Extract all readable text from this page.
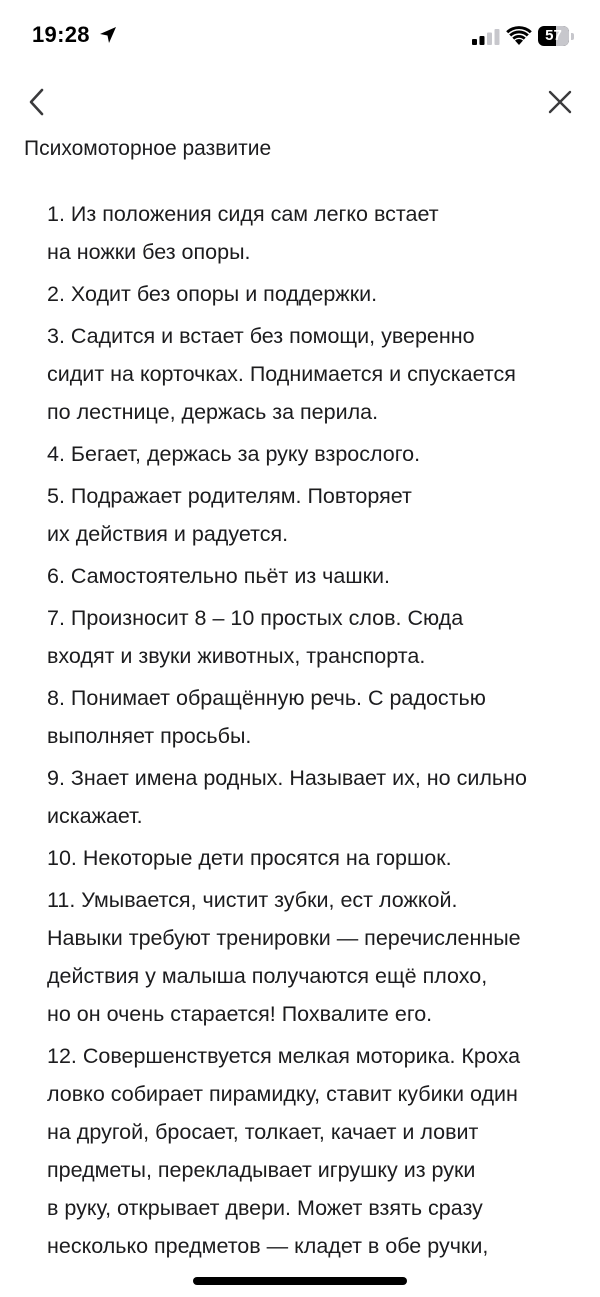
19:28	57
Психомоторное развитие
1. Из положения сидя сам легко встает
на ножки без опоры.
2. Ходит без опоры и поддержки.
3. Садится и встает без помощи, уверенно
сидит на корточках. Поднимается и спускается
по лестнице, держась за перила.
4. Бегает, держась за руку взрослого.
5. Подражает родителям. Повторяет
их действия и радуется.
6. Самостоятельно пьёт из чашки.
7. Произносит 8 – 10 простых слов. Сюда
входят и звуки животных, транспорта.
8. Понимает обращённую речь. С радостью
выполняет просьбы.
9. Знает имена родных. Называет их, но сильно
искажает.
10. Некоторые дети просятся на горшок.
11. Умывается, чистит зубки, ест ложкой.
Навыки требуют тренировки — перечисленные
действия у малыша получаются ещё плохо,
но он очень старается! Похвалите его.
12. Совершенствуется мелкая моторика. Кроха
ловко собирает пирамидку, ставит кубики один
на другой, бросает, толкает, качает и ловит
предметы, перекладывает игрушку из руки
в руку, открывает двери. Может взять сразу
несколько предметов — кладет в обе ручки,
